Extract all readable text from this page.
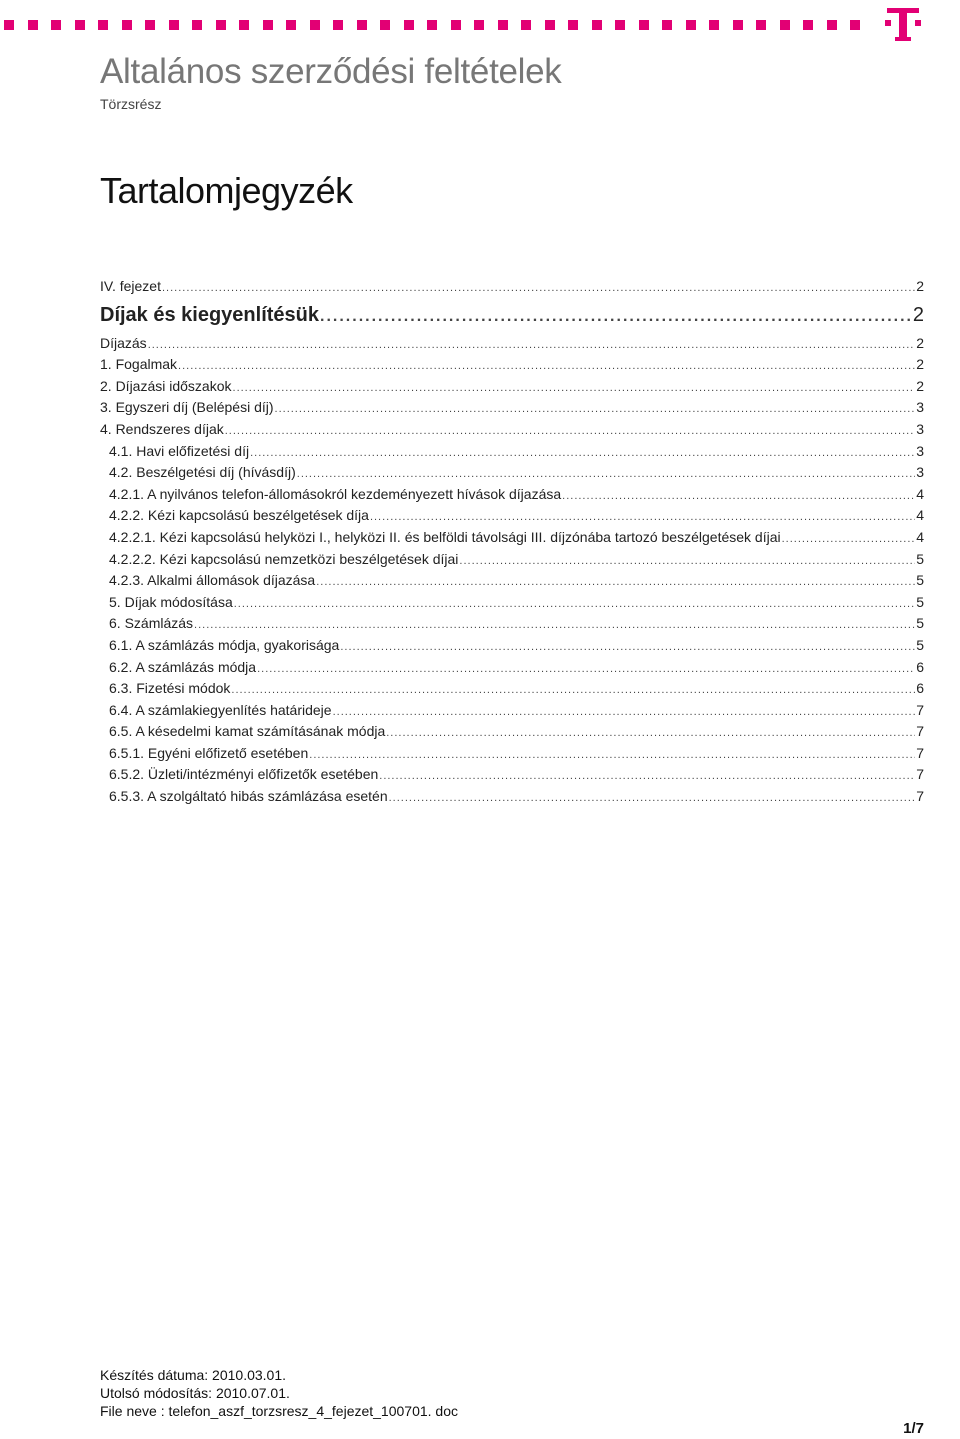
Altalános szerződési feltételek
Törzsrész
Tartalomjegyzék
IV. fejezet .....	2
Díjak és kiegyenlítésük .....	2
Díjazás .....	2
1. Fogalmak .....	2
2. Díjazási időszakok .....	2
3. Egyszeri díj (Belépési díj) .....	3
4. Rendszeres díjak .....	3
4.1. Havi előfizetési díj .....	3
4.2. Beszélgetési díj (hívásdíj) .....	3
4.2.1. A nyilvános telefon-állomásokról kezdeményezett hívások díjazása .....	4
4.2.2. Kézi kapcsolású beszélgetések díja .....	4
4.2.2.1. Kézi kapcsolású helyközi I., helyközi II. és belföldi távolsági III. díjzónába tartozó beszélgetések díjai .....	4
4.2.2.2. Kézi kapcsolású nemzetközi beszélgetések díjai .....	5
4.2.3. Alkalmi állomások díjazása .....	5
5. Díjak módosítása .....	5
6. Számlázás .....	5
6.1. A számlázás módja, gyakorisága .....	5
6.2. A számlázás módja .....	6
6.3. Fizetési módok .....	6
6.4. A számlakiegyenlítés határideje .....	7
6.5. A késedelmi kamat számításának módja .....	7
6.5.1. Egyéni előfizető esetében .....	7
6.5.2. Üzleti/intézményi előfizetők esetében .....	7
6.5.3. A szolgáltató hibás számlázása esetén .....	7
Készítés dátuma: 2010.03.01.
Utolsó módosítás: 2010.07.01.
File neve : telefon_aszf_torzsresz_4_fejezet_100701. doc
1/7
